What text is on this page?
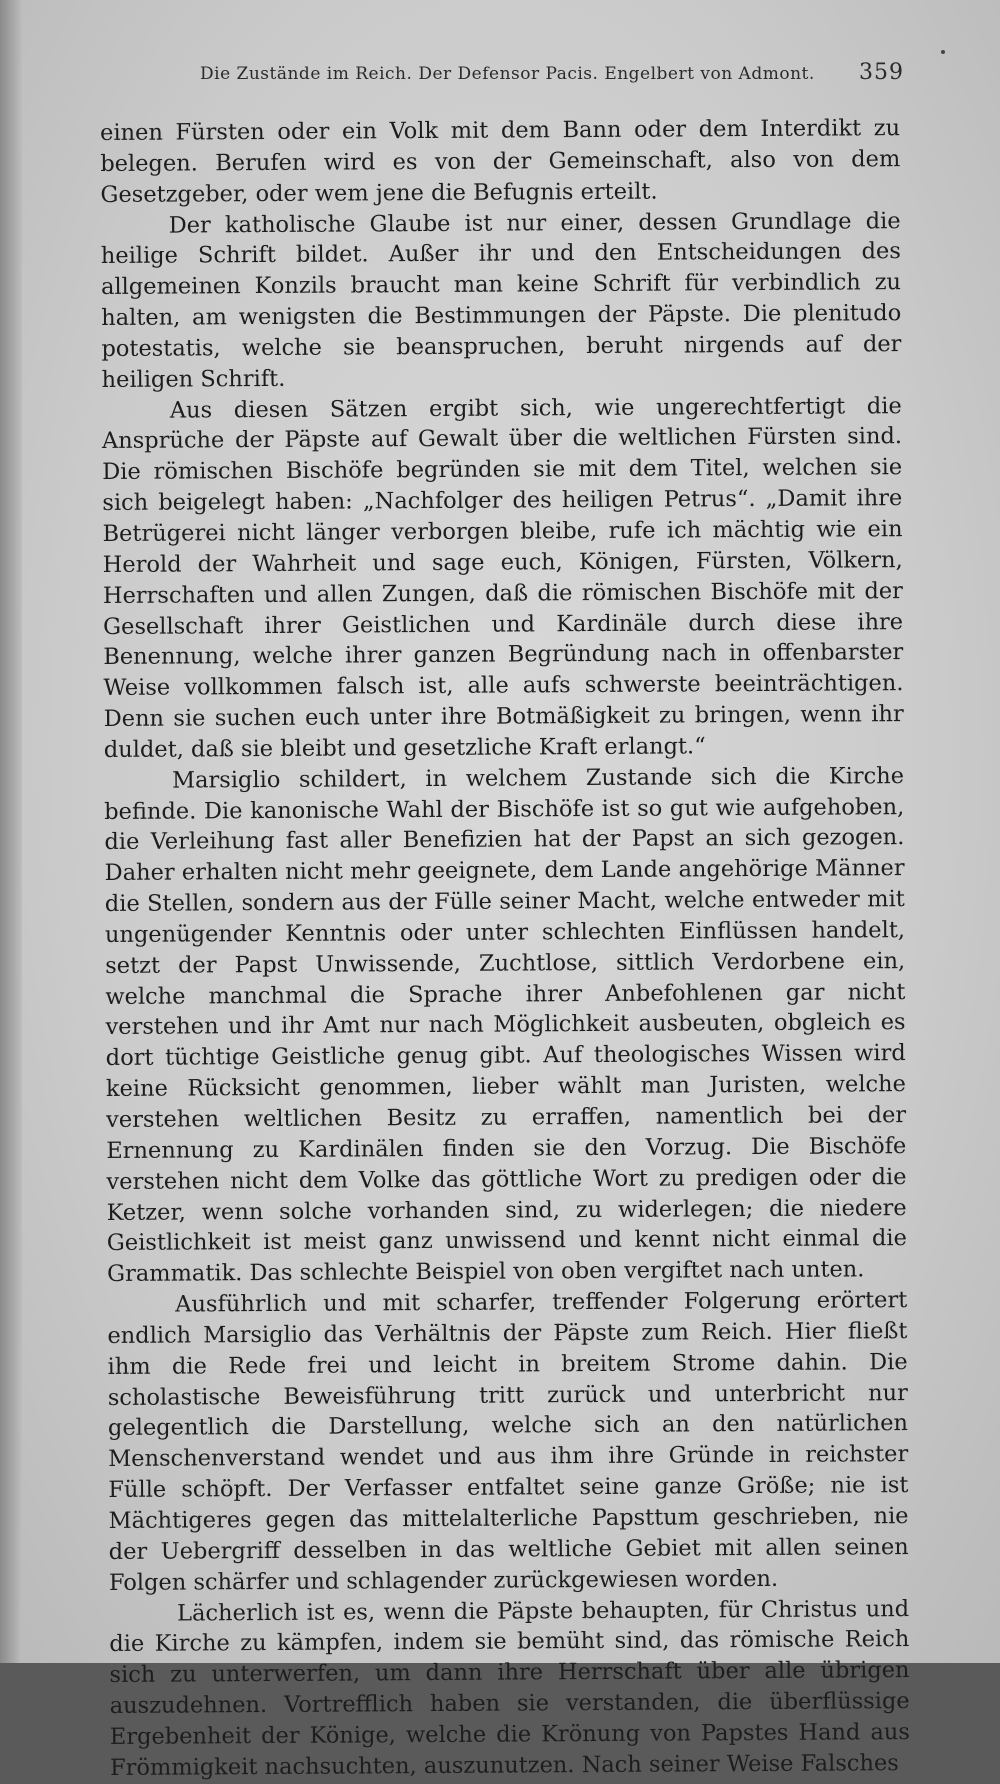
Die Zustände im Reich. Der Defensor Pacis. Engelbert von Admont. 359

einen Fürsten oder ein Volk mit dem Bann oder dem Interdikt zu belegen. Berufen wird es von der Gemeinschaft, also von dem Gesetzgeber, oder wem jene die Befugnis erteilt.

Der katholische Glaube ist nur einer, dessen Grundlage die heilige Schrift bildet. Außer ihr und den Entscheidungen des allgemeinen Konzils braucht man keine Schrift für verbindlich zu halten, am wenigsten die Bestimmungen der Päpste. Die plenitudo potestatis, welche sie beanspruchen, beruht nirgends auf der heiligen Schrift.

Aus diesen Sätzen ergibt sich, wie ungerechtfertigt die Ansprüche der Päpste auf Gewalt über die weltlichen Fürsten sind. Die römischen Bischöfe begründen sie mit dem Titel, welchen sie sich beigelegt haben: „Nachfolger des heiligen Petrus“. „Damit ihre Betrügerei nicht länger verborgen bleibe, rufe ich mächtig wie ein Herold der Wahrheit und sage euch, Königen, Fürsten, Völkern, Herrschaften und allen Zungen, daß die römischen Bischöfe mit der Gesellschaft ihrer Geistlichen und Kardinäle durch diese ihre Benennung, welche ihrer ganzen Begründung nach in offenbarster Weise vollkommen falsch ist, alle aufs schwerste beeinträchtigen. Denn sie suchen euch unter ihre Botmäßigkeit zu bringen, wenn ihr duldet, daß sie bleibt und gesetzliche Kraft erlangt.“

Marsiglio schildert, in welchem Zustande sich die Kirche befinde. Die kanonische Wahl der Bischöfe ist so gut wie aufgehoben, die Verleihung fast aller Benefizien hat der Papst an sich gezogen. Daher erhalten nicht mehr geeignete, dem Lande angehörige Männer die Stellen, sondern aus der Fülle seiner Macht, welche entweder mit ungenügender Kenntnis oder unter schlechten Einflüssen handelt, setzt der Papst Unwissende, Zuchtlose, sittlich Verdorbene ein, welche manchmal die Sprache ihrer Anbefohlenen gar nicht verstehen und ihr Amt nur nach Möglichkeit ausbeuten, obgleich es dort tüchtige Geistliche genug gibt. Auf theologisches Wissen wird keine Rücksicht genommen, lieber wählt man Juristen, welche verstehen weltlichen Besitz zu erraffen, namentlich bei der Ernennung zu Kardinälen finden sie den Vorzug. Die Bischöfe verstehen nicht dem Volke das göttliche Wort zu predigen oder die Ketzer, wenn solche vorhanden sind, zu widerlegen; die niedere Geistlichkeit ist meist ganz unwissend und kennt nicht einmal die Grammatik. Das schlechte Beispiel von oben vergiftet nach unten.

Ausführlich und mit scharfer, treffender Folgerung erörtert endlich Marsiglio das Verhältnis der Päpste zum Reich. Hier fließt ihm die Rede frei und leicht in breitem Strome dahin. Die scholastische Beweisführung tritt zurück und unterbricht nur gelegentlich die Darstellung, welche sich an den natürlichen Menschenverstand wendet und aus ihm ihre Gründe in reichster Fülle schöpft. Der Verfasser entfaltet seine ganze Größe; nie ist Mächtigeres gegen das mittelalterliche Papsttum geschrieben, nie der Uebergriff desselben in das weltliche Gebiet mit allen seinen Folgen schärfer und schlagender zurückgewiesen worden.

Lächerlich ist es, wenn die Päpste behaupten, für Christus und die Kirche zu kämpfen, indem sie bemüht sind, das römische Reich sich zu unterwerfen, um dann ihre Herrschaft über alle übrigen auszudehnen. Vortrefflich haben sie verstanden, die überflüssige Ergebenheit der Könige, welche die Krönung von Papstes Hand aus Frömmigkeit nachsuchten, auszunutzen. Nach seiner Weise Falsches
